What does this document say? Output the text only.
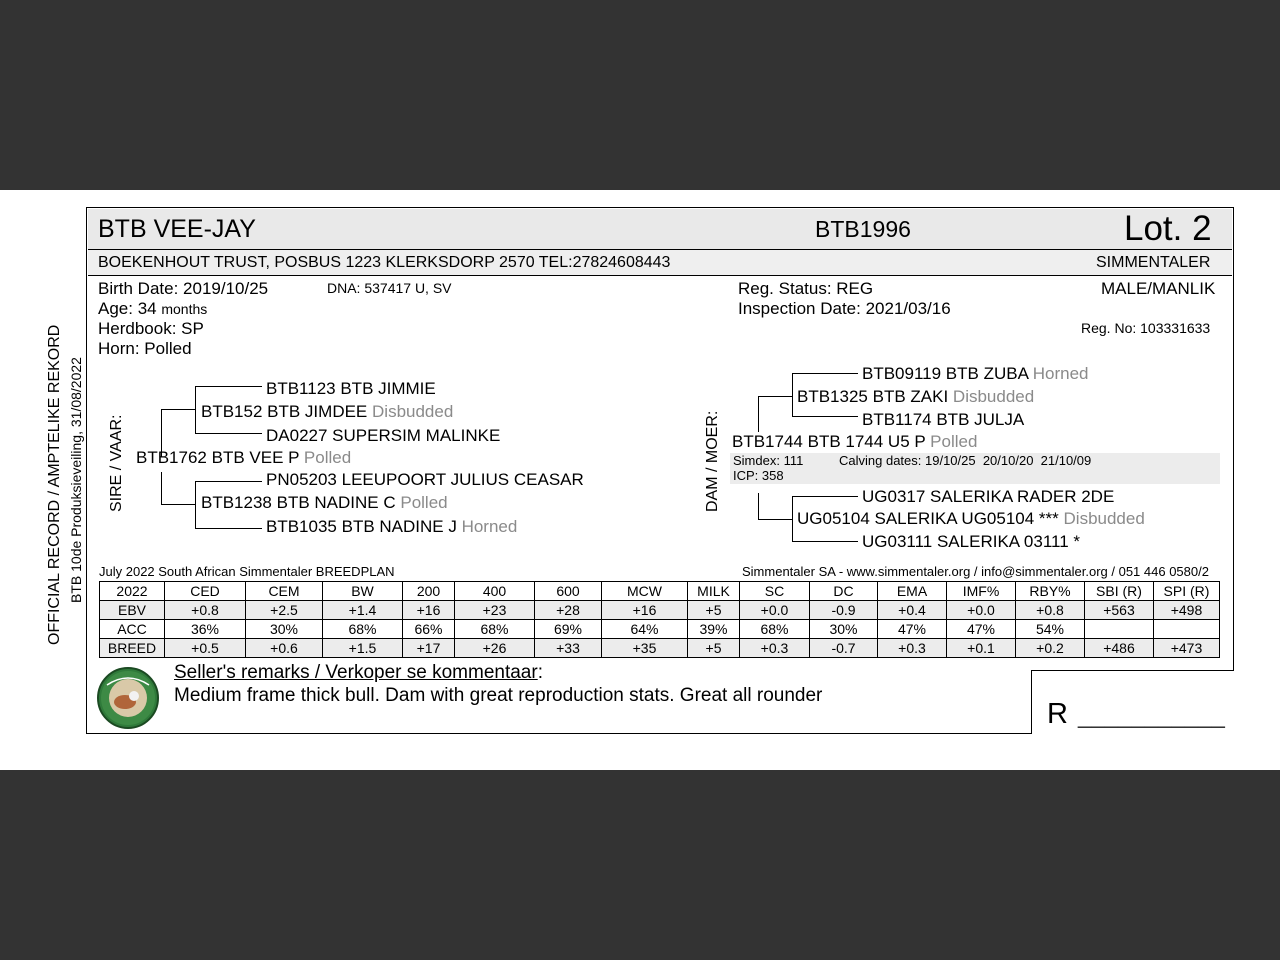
OFFICIAL RECORD / AMPTELIKE REKORD BTB 10de Produksieveiling, 31/08/2022
BTB VEE-JAY	BTB1996	Lot. 2
BOEKENHOUT TRUST, POSBUS 1223 KLERKSDORP 2570 TEL:27824608443	SIMMENTALER
Birth Date: 2019/10/25	DNA: 537417 U, SV
Age: 34 months
Herdbook: SP
Horn: Polled
Reg. Status: REG
Inspection Date: 2021/03/16
MALE/MANLIK
Reg. No: 103331633
SIRE / VAAR:
BTB1123 BTB JIMMIE
BTB152 BTB JIMDEE Disbudded
DA0227 SUPERSIM MALINKE
BTB1762 BTB VEE P Polled
PN05203 LEEUPOORT JULIUS CEASAR
BTB1238 BTB NADINE C Polled
BTB1035 BTB NADINE J Horned
DAM / MOER:
BTB09119 BTB ZUBA Horned
BTB1325 BTB ZAKI Disbudded
BTB1174 BTB JULJA
BTB1744 BTB 1744 U5 P Polled
Simdex: 111	Calving dates: 19/10/25  20/10/20  21/10/09
ICP: 358
UG0317 SALERIKA RADER 2DE
UG05104 SALERIKA UG05104 *** Disbudded
UG03111 SALERIKA 03111 *
July 2022 South African Simmentaler BREEDPLAN	Simmentaler SA - www.simmentaler.org / info@simmentaler.org / 051 446 0580/2
2022	CED	CEM	BW	200	400	600	MCW	MILK	SC	DC	EMA	IMF%	RBY%	SBI (R)	SPI (R)
EBV	+0.8	+2.5	+1.4	+16	+23	+28	+16	+5	+0.0	-0.9	+0.4	+0.0	+0.8	+563	+498
ACC	36%	30%	68%	66%	68%	69%	64%	39%	68%	30%	47%	47%	54%		
BREED	+0.5	+0.6	+1.5	+17	+26	+33	+35	+5	+0.3	-0.7	+0.3	+0.1	+0.2	+486	+473
Seller's remarks / Verkoper se kommentaar:
Medium frame thick bull. Dam with great reproduction stats. Great all rounder
R ___________
